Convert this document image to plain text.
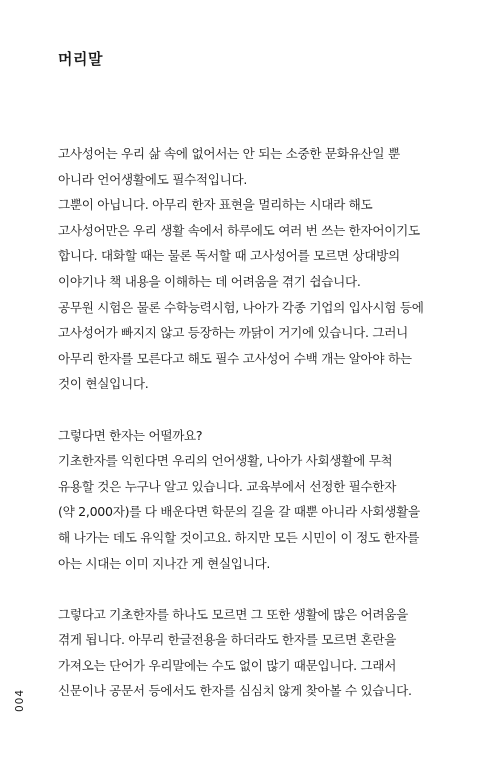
머리말

고사성어는 우리 삶 속에 없어서는 안 되는 소중한 문화유산일 뿐
아니라 언어생활에도 필수적입니다.

그뿐이 아닙니다. 아무리 한자 표현을 멀리하는 시대라 해도
고사성어만은 우리 생활 속에서 하루에도 여러 번 쓰는 한자어이기도
합니다. 대화할 때는 물론 독서할 때 고사성어를 모르면 상대방의
이야기나 책 내용을 이해하는 데 어려움을 겪기 쉽습니다.
공무원 시험은 물론 수학능력시험, 나아가 각종 기업의 입사시험 등에
고사성어가 빠지지 않고 등장하는 까닭이 거기에 있습니다. 그러니
아무리 한자를 모른다고 해도 필수 고사성어 수백 개는 알아야 하는
것이 현실입니다.

그렇다면 한자는 어떨까요?
기초한자를 익힌다면 우리의 언어생활, 나아가 사회생활에 무척
유용할 것은 누구나 알고 있습니다. 교육부에서 선정한 필수한자
(약 2,000자)를 다 배운다면 학문의 길을 갈 때뿐 아니라 사회생활을
해 나가는 데도 유익할 것이고요. 하지만 모든 시민이 이 정도 한자를
아는 시대는 이미 지나간 게 현실입니다.

그렇다고 기초한자를 하나도 모르면 그 또한 생활에 많은 어려움을
겪게 됩니다. 아무리 한글전용을 하더라도 한자를 모르면 혼란을
가져오는 단어가 우리말에는 수도 없이 많기 때문입니다. 그래서
신문이나 공문서 등에서도 한자를 심심치 않게 찾아볼 수 있습니다.

004
